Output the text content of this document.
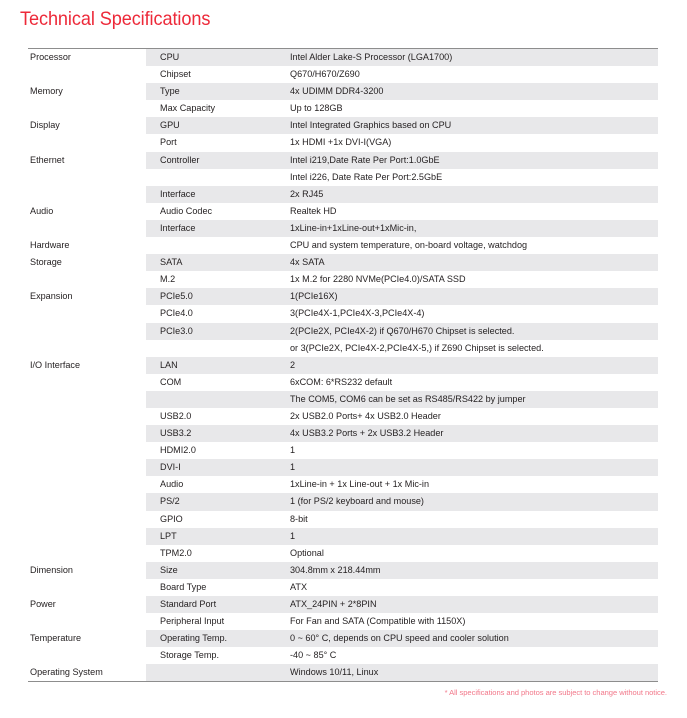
Technical Specifications
Processor	CPU	Intel Alder Lake-S Processor (LGA1700)
	Chipset	Q670/H670/Z690
Memory	Type	4x UDIMM DDR4-3200
	Max Capacity	Up to 128GB
Display	GPU	Intel Integrated Graphics based on CPU
	Port	1x HDMI +1x DVI-I(VGA)
Ethernet	Controller	Intel i219,Date Rate Per Port:1.0GbE
		Intel i226, Date Rate Per Port:2.5GbE
	Interface	2x RJ45
Audio	Audio Codec	Realtek HD
	Interface	1xLine-in+1xLine-out+1xMic-in,
Hardware		CPU and system temperature, on-board voltage, watchdog
Storage	SATA	4x SATA
	M.2	1x M.2 for 2280 NVMe(PCIe4.0)/SATA SSD
Expansion	PCIe5.0	1(PCIe16X)
	PCIe4.0	3(PCIe4X-1,PCIe4X-3,PCIe4X-4)
	PCIe3.0	2(PCIe2X, PCIe4X-2) if Q670/H670 Chipset is selected.
		or 3(PCIe2X, PCIe4X-2,PCIe4X-5,) if Z690 Chipset is selected.
I/O Interface	LAN	2
	COM	6xCOM: 6*RS232 default
		The COM5, COM6 can be set as RS485/RS422 by jumper
	USB2.0	2x USB2.0 Ports+ 4x USB2.0 Header
	USB3.2	4x USB3.2 Ports + 2x USB3.2 Header
	HDMI2.0	1
	DVI-I	1
	Audio	1xLine-in + 1x Line-out + 1x Mic-in
	PS/2	1 (for PS/2 keyboard and mouse)
	GPIO	8-bit
	LPT	1
	TPM2.0	Optional
Dimension	Size	304.8mm x 218.44mm
	Board Type	ATX
Power	Standard Port	ATX_24PIN + 2*8PIN
	Peripheral Input	For Fan and SATA (Compatible with 1150X)
Temperature	Operating Temp.	0 ~ 60° C, depends on CPU speed and cooler solution
	Storage Temp.	-40 ~ 85° C
Operating System		Windows 10/11, Linux
* All specifications and photos are subject to change without notice.
